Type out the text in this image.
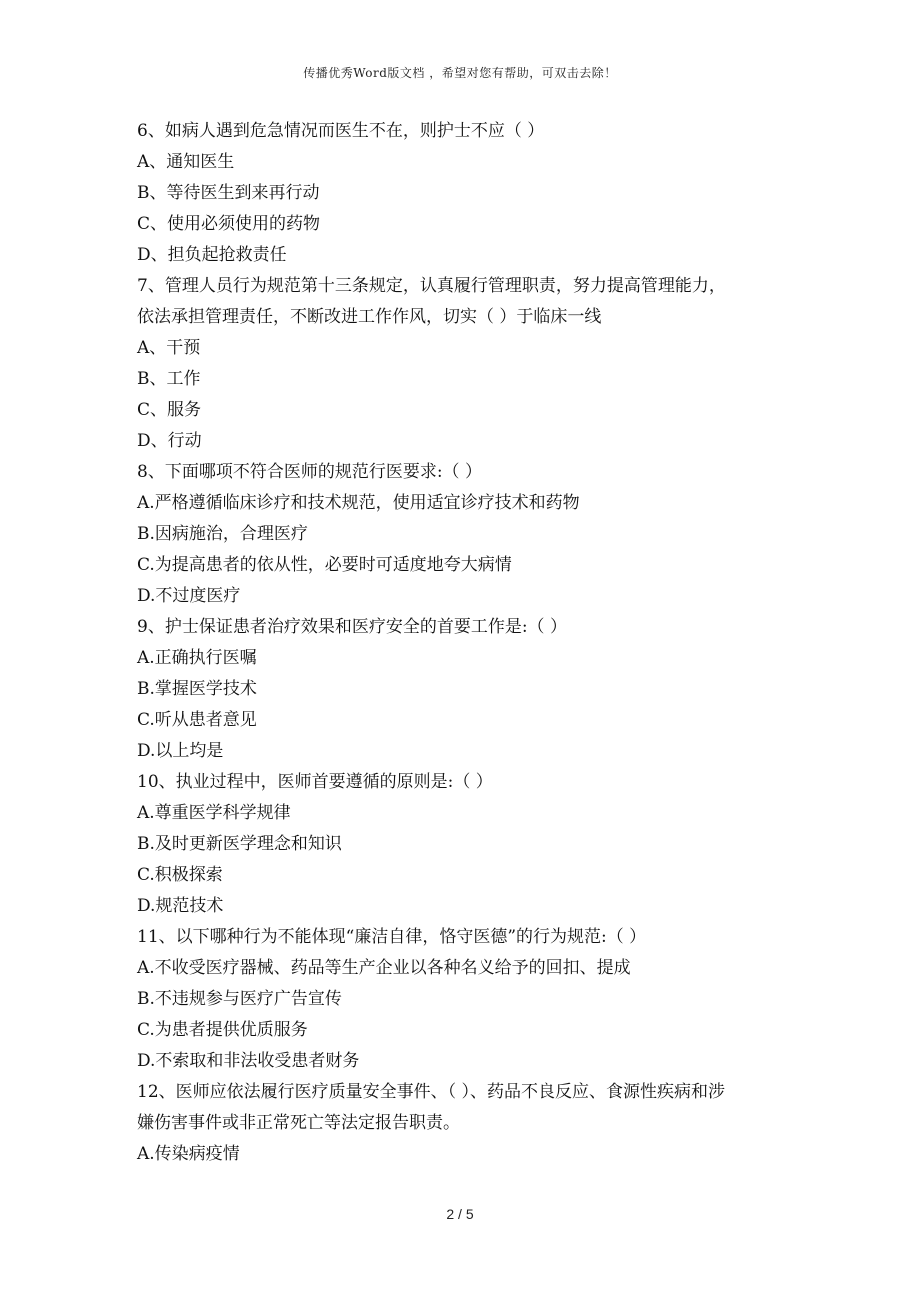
传播优秀Word版文档 ，希望对您有帮助，可双击去除！

6、如病人遇到危急情况而医生不在，则护士不应（ ）

A、通知医生

B、等待医生到来再行动

C、使用必须使用的药物

D、担负起抢救责任

7、管理人员行为规范第十三条规定，认真履行管理职责，努力提高管理能力，

依法承担管理责任，不断改进工作作风，切实（ ）于临床一线

A、干预

B、工作

C、服务

D、行动

8、下面哪项不符合医师的规范行医要求:（ ）

A.严格遵循临床诊疗和技术规范，使用适宜诊疗技术和药物

B.因病施治，合理医疗

C.为提高患者的依从性，必要时可适度地夸大病情

D.不过度医疗

9、护士保证患者治疗效果和医疗安全的首要工作是:（ ）

A.正确执行医嘱

B.掌握医学技术

C.听从患者意见

D.以上均是

10、执业过程中，医师首要遵循的原则是:（ ）

A.尊重医学科学规律

B.及时更新医学理念和知识

C.积极探索

D.规范技术

11、以下哪种行为不能体现“廉洁自律，恪守医德”的行为规范:（ ）

A.不收受医疗器械、药品等生产企业以各种名义给予的回扣、提成

B.不违规参与医疗广告宣传

C.为患者提供优质服务

D.不索取和非法收受患者财务

12、医师应依法履行医疗质量安全事件、（ ）、药品不良反应、食源性疾病和涉

嫌伤害事件或非正常死亡等法定报告职责。

A.传染病疫情

2 / 5
